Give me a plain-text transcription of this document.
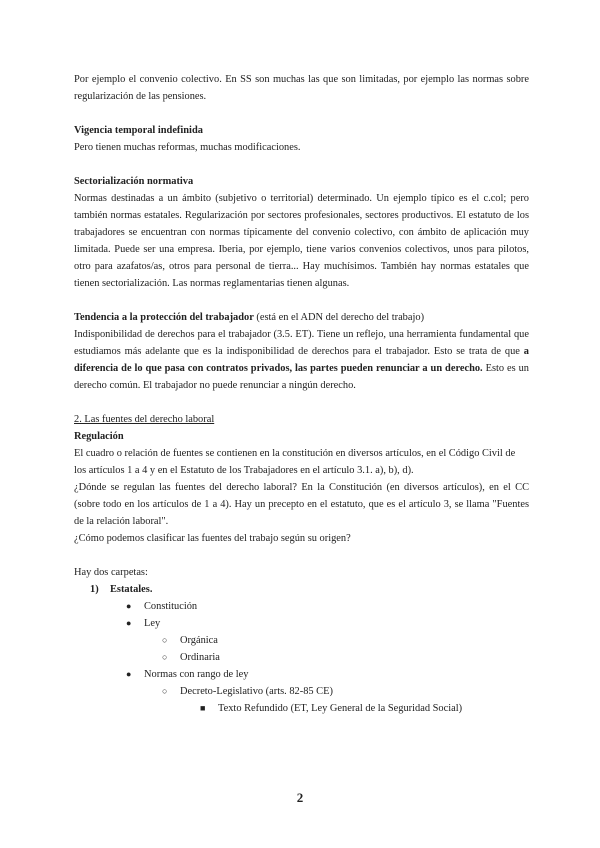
Por ejemplo el convenio colectivo. En SS son muchas las que son limitadas, por ejemplo las normas sobre regularización de las pensiones.

Vigencia temporal indefinida

Pero tienen muchas reformas, muchas modificaciones.

Sectorialización normativa

Normas destinadas a un ámbito (subjetivo o territorial) determinado. Un ejemplo típico es el c.col; pero también normas estatales. Regularización por sectores profesionales, sectores productivos. El estatuto de los trabajadores se encuentran con normas típicamente del convenio colectivo, con ámbito de aplicación muy limitada. Puede ser una empresa. Iberia, por ejemplo, tiene varios convenios colectivos, unos para pilotos, otro para azafatos/as, otros para personal de tierra... Hay muchísimos. También hay normas estatales que tienen sectorialización. Las normas reglamentarias tienen algunas.

Tendencia a la protección del trabajador (está en el ADN del derecho del trabajo)

Indisponibilidad de derechos para el trabajador (3.5. ET). Tiene un reflejo, una herramienta fundamental que estudiamos más adelante que es la indisponibilidad de derechos para el trabajador. Esto se trata de que a diferencia de lo que pasa con contratos privados, las partes pueden renunciar a un derecho. Esto es un derecho común. El trabajador no puede renunciar a ningún derecho.

2. Las fuentes del derecho laboral

Regulación

El cuadro o relación de fuentes se contienen en la constitución en diversos artículos, en el Código Civil de los artículos 1 a 4 y en el Estatuto de los Trabajadores en el artículo 3.1. a), b), d).

¿Dónde se regulan las fuentes del derecho laboral? En la Constitución (en diversos artículos), en el CC (sobre todo en los artículos de 1 a 4). Hay un precepto en el estatuto, que es el artículo 3, se llama "Fuentes de la relación laboral".

¿Cómo podemos clasificar las fuentes del trabajo según su origen?

Hay dos carpetas:

1)	Estatales.
●	Constitución
●	Ley
○	Orgánica
○	Ordinaria
●	Normas con rango de ley
○	Decreto-Legislativo (arts. 82-85 CE)
■	Texto Refundido (ET, Ley General de la Seguridad Social)
2
